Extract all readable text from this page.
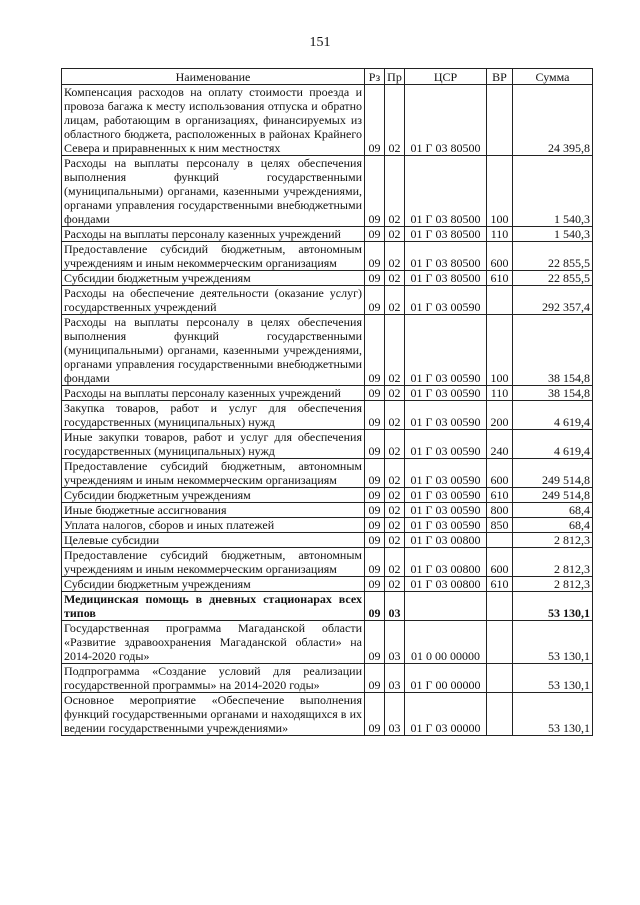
151
Наименование	Рз	Пр	ЦСР	ВР	Сумма
Компенсация расходов на оплату стоимости проезда и провоза багажа к месту использования отпуска и обратно лицам, работающим в организациях, финансируемых из областного бюджета, расположенных в районах Крайнего Севера и приравненных к ним местностях	09	02	01 Г 03 80500		24 395,8
Расходы на выплаты персоналу в целях обеспечения выполнения функций государственными (муниципальными) органами, казенными учреждениями, органами управления государственными внебюджетными фондами	09	02	01 Г 03 80500	100	1 540,3
Расходы на выплаты персоналу казенных учреждений	09	02	01 Г 03 80500	110	1 540,3
Предоставление субсидий бюджетным, автономным учреждениям и иным некоммерческим организациям	09	02	01 Г 03 80500	600	22 855,5
Субсидии бюджетным учреждениям	09	02	01 Г 03 80500	610	22 855,5
Расходы на обеспечение деятельности (оказание услуг) государственных учреждений	09	02	01 Г 03 00590		292 357,4
Расходы на выплаты персоналу в целях обеспечения выполнения функций государственными (муниципальными) органами, казенными учреждениями, органами управления государственными внебюджетными фондами	09	02	01 Г 03 00590	100	38 154,8
Расходы на выплаты персоналу казенных учреждений	09	02	01 Г 03 00590	110	38 154,8
Закупка товаров, работ и услуг для обеспечения государственных (муниципальных) нужд	09	02	01 Г 03 00590	200	4 619,4
Иные закупки товаров, работ и услуг для обеспечения государственных (муниципальных) нужд	09	02	01 Г 03 00590	240	4 619,4
Предоставление субсидий бюджетным, автономным учреждениям и иным некоммерческим организациям	09	02	01 Г 03 00590	600	249 514,8
Субсидии бюджетным учреждениям	09	02	01 Г 03 00590	610	249 514,8
Иные бюджетные ассигнования	09	02	01 Г 03 00590	800	68,4
Уплата налогов, сборов и иных платежей	09	02	01 Г 03 00590	850	68,4
Целевые субсидии	09	02	01 Г 03 00800		2 812,3
Предоставление субсидий бюджетным, автономным учреждениям и иным некоммерческим организациям	09	02	01 Г 03 00800	600	2 812,3
Субсидии бюджетным учреждениям	09	02	01 Г 03 00800	610	2 812,3
Медицинская помощь в дневных стационарах всех типов	09	03			53 130,1
Государственная программа Магаданской области «Развитие здравоохранения Магаданской области» на 2014-2020 годы»	09	03	01 0 00 00000		53 130,1
Подпрограмма «Создание условий для реализации государственной программы» на 2014-2020 годы»	09	03	01 Г 00 00000		53 130,1
Основное мероприятие «Обеспечение выполнения функций государственными органами и находящихся в их ведении государственными учреждениями»	09	03	01 Г 03 00000		53 130,1
